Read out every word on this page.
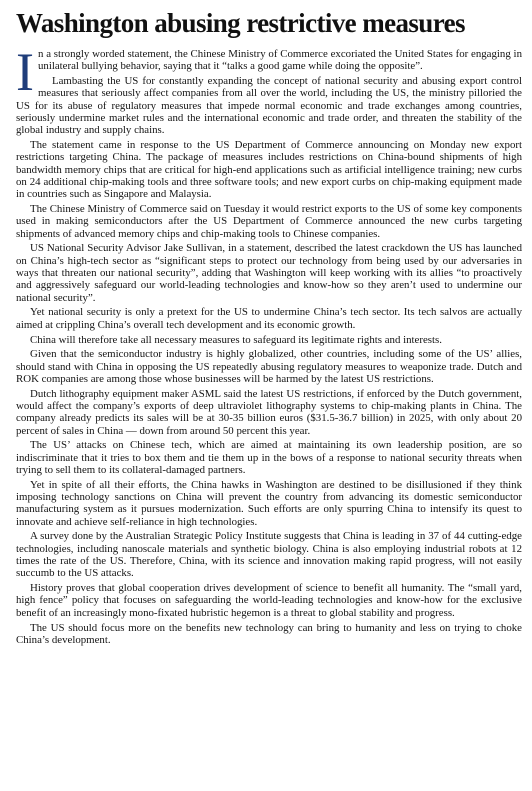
Washington abusing restrictive measures

In a strongly worded statement, the Chinese Ministry of Commerce excoriated the United States for engaging in unilateral bullying behavior, saying that it “talks a good game while doing the opposite”.

Lambasting the US for constantly expanding the concept of national security and abusing export control measures that seriously affect companies from all over the world, including the US, the ministry pilloried the US for its abuse of regulatory measures that impede normal economic and trade exchanges among countries, seriously undermine market rules and the international economic and trade order, and threaten the stability of the global industry and supply chains.

The statement came in response to the US Department of Commerce announcing on Monday new export restrictions targeting China. The package of measures includes restrictions on China-bound shipments of high bandwidth memory chips that are critical for high-end applications such as artificial intelligence training; new curbs on 24 additional chip-making tools and three software tools; and new export curbs on chip-making equipment made in countries such as Singapore and Malaysia.

The Chinese Ministry of Commerce said on Tuesday it would restrict exports to the US of some key components used in making semiconductors after the US Department of Commerce announced the new curbs targeting shipments of advanced memory chips and chip-making tools to Chinese companies.

US National Security Advisor Jake Sullivan, in a statement, described the latest crackdown the US has launched on China’s high-tech sector as “significant steps to protect our technology from being used by our adversaries in ways that threaten our national security”, adding that Washington will keep working with its allies “to proactively and aggressively safeguard our world-leading technologies and know-how so they aren’t used to undermine our national security”.

Yet national security is only a pretext for the US to undermine China’s tech sector. Its tech salvos are actually aimed at crippling China’s overall tech development and its economic growth.

China will therefore take all necessary measures to safeguard its legitimate rights and interests.

Given that the semiconductor industry is highly globalized, other countries, including some of the US’ allies, should stand with China in opposing the US repeatedly abusing regulatory measures to weaponize trade. Dutch and ROK companies are among those whose businesses will be harmed by the latest US restrictions.

Dutch lithography equipment maker ASML said the latest US restrictions, if enforced by the Dutch government, would affect the company’s exports of deep ultraviolet lithography systems to chip-making plants in China. The company already predicts its sales will be at 30-35 billion euros ($31.5-36.7 billion) in 2025, with only about 20 percent of sales in China — down from around 50 percent this year.

The US’ attacks on Chinese tech, which are aimed at maintaining its own leadership position, are so indiscriminate that it tries to box them and tie them up in the bows of a response to national security threats when trying to sell them to its collateral-damaged partners.

Yet in spite of all their efforts, the China hawks in Washington are destined to be disillusioned if they think imposing technology sanctions on China will prevent the country from advancing its domestic semiconductor manufacturing system as it pursues modernization. Such efforts are only spurring China to intensify its quest to innovate and achieve self-reliance in high technologies.

A survey done by the Australian Strategic Policy Institute suggests that China is leading in 37 of 44 cutting-edge technologies, including nanoscale materials and synthetic biology. China is also employing industrial robots at 12 times the rate of the US. Therefore, China, with its science and innovation making rapid progress, will not easily succumb to the US attacks.

History proves that global cooperation drives development of science to benefit all humanity. The “small yard, high fence” policy that focuses on safeguarding the world-leading technologies and know-how for the exclusive benefit of an increasingly mono-fixated hubristic hegemon is a threat to global stability and progress.

The US should focus more on the benefits new technology can bring to humanity and less on trying to choke China’s development.
